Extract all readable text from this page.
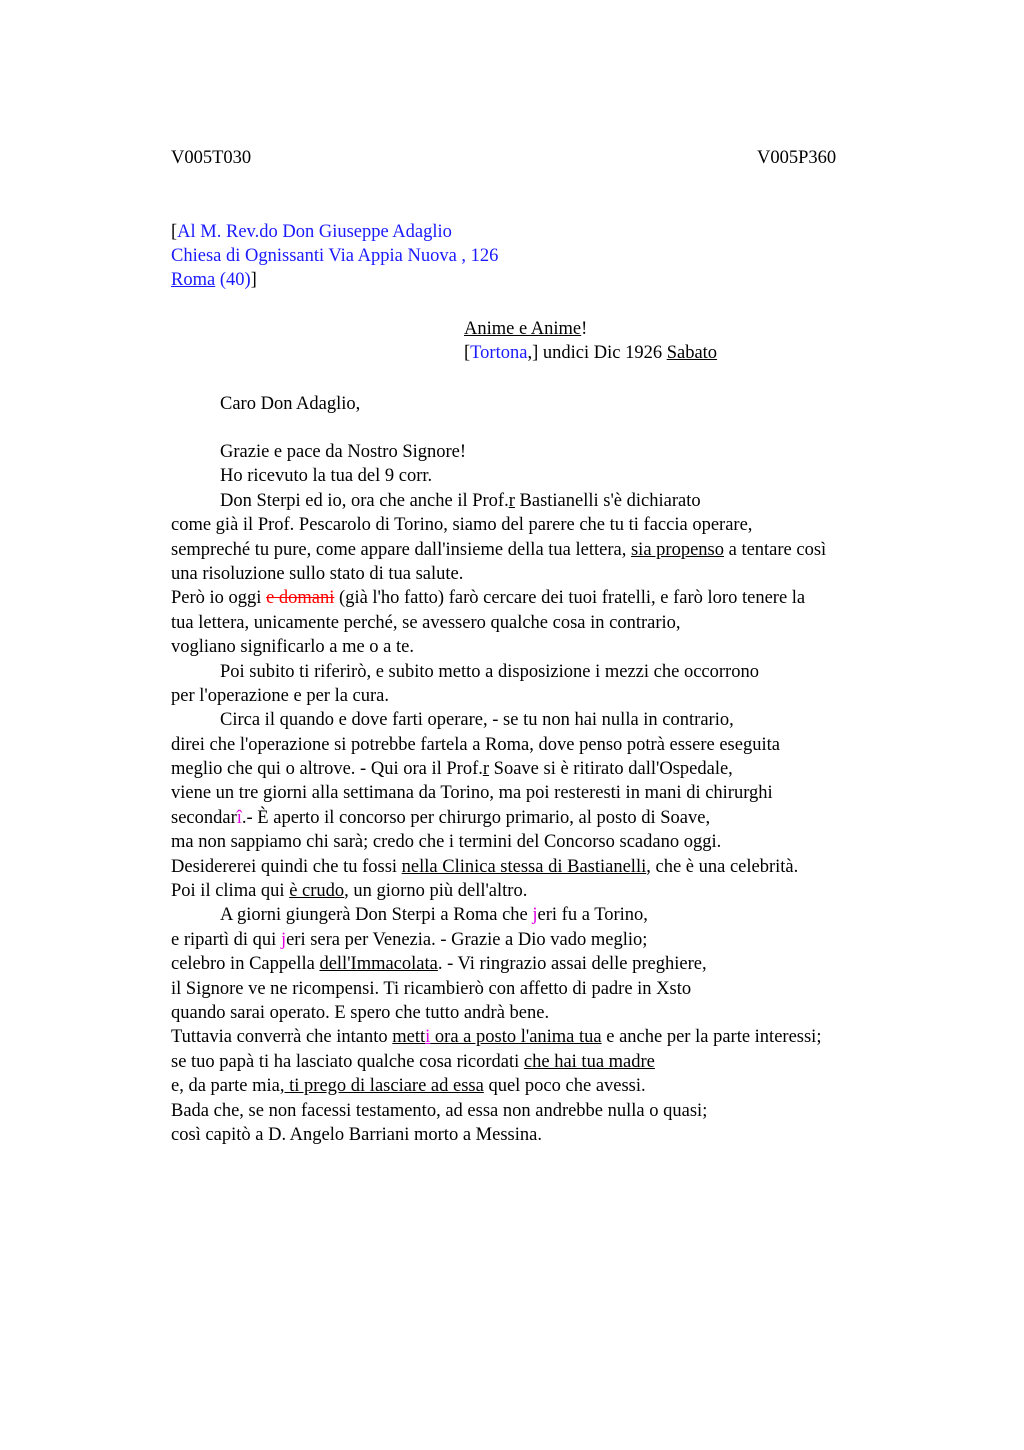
V005T030	V005P360
[Al M. Rev.do Don Giuseppe Adaglio
Chiesa di Ognissanti Via Appia Nuova , 126
Roma (40)]
Anime e Anime!
[Tortona,] undici Dic 1926 Sabato
Caro Don Adaglio,
Grazie e pace da Nostro Signore!
Ho ricevuto la tua del 9 corr.
Don Sterpi ed io, ora che anche il Prof.r Bastianelli s'è dichiarato
come già il Prof. Pescarolo di Torino, siamo del parere che tu ti faccia operare,
sempreché tu pure, come appare dall'insieme della tua lettera, sia propenso a tentare così
una risoluzione sullo stato di tua salute.
Però io oggi e domani (già l'ho fatto) farò cercare dei tuoi fratelli, e farò loro tenere la
tua lettera, unicamente perché, se avessero qualche cosa in contrario,
vogliano significarlo a me o a te.
Poi subito ti riferirò, e subito metto a disposizione i mezzi che occorrono
per l'operazione e per la cura.
Circa il quando e dove farti operare, - se tu non hai nulla in contrario,
direi che l'operazione si potrebbe fartela a Roma, dove penso potrà essere eseguita
meglio che qui o altrove. - Qui ora il Prof.r Soave si è ritirato dall'Ospedale,
viene un tre giorni alla settimana da Torino, ma poi resteresti in mani di chirurghi
secondarî.- È aperto il concorso per chirurgo primario, al posto di Soave,
ma non sappiamo chi sarà; credo che i termini del Concorso scadano oggi.
Desidererei quindi che tu fossi nella Clinica stessa di Bastianelli, che è una celebrità.
Poi il clima qui è crudo, un giorno più dell'altro.
A giorni giungerà Don Sterpi a Roma che jeri fu a Torino,
e ripartì di qui jeri sera per Venezia. - Grazie a Dio vado meglio;
celebro in Cappella dell'Immacolata. - Vi ringrazio assai delle preghiere,
il Signore ve ne ricompensi. Ti ricambierò con affetto di padre in Xsto
quando sarai operato. E spero che tutto andrà bene.
Tuttavia converrà che intanto metti ora a posto l'anima tua e anche per la parte interessi;
se tuo papà ti ha lasciato qualche cosa ricordati che hai tua madre
e, da parte mia, ti prego di lasciare ad essa quel poco che avessi.
Bada che, se non facessi testamento, ad essa non andrebbe nulla o quasi;
così capitò a D. Angelo Barriani morto a Messina.
